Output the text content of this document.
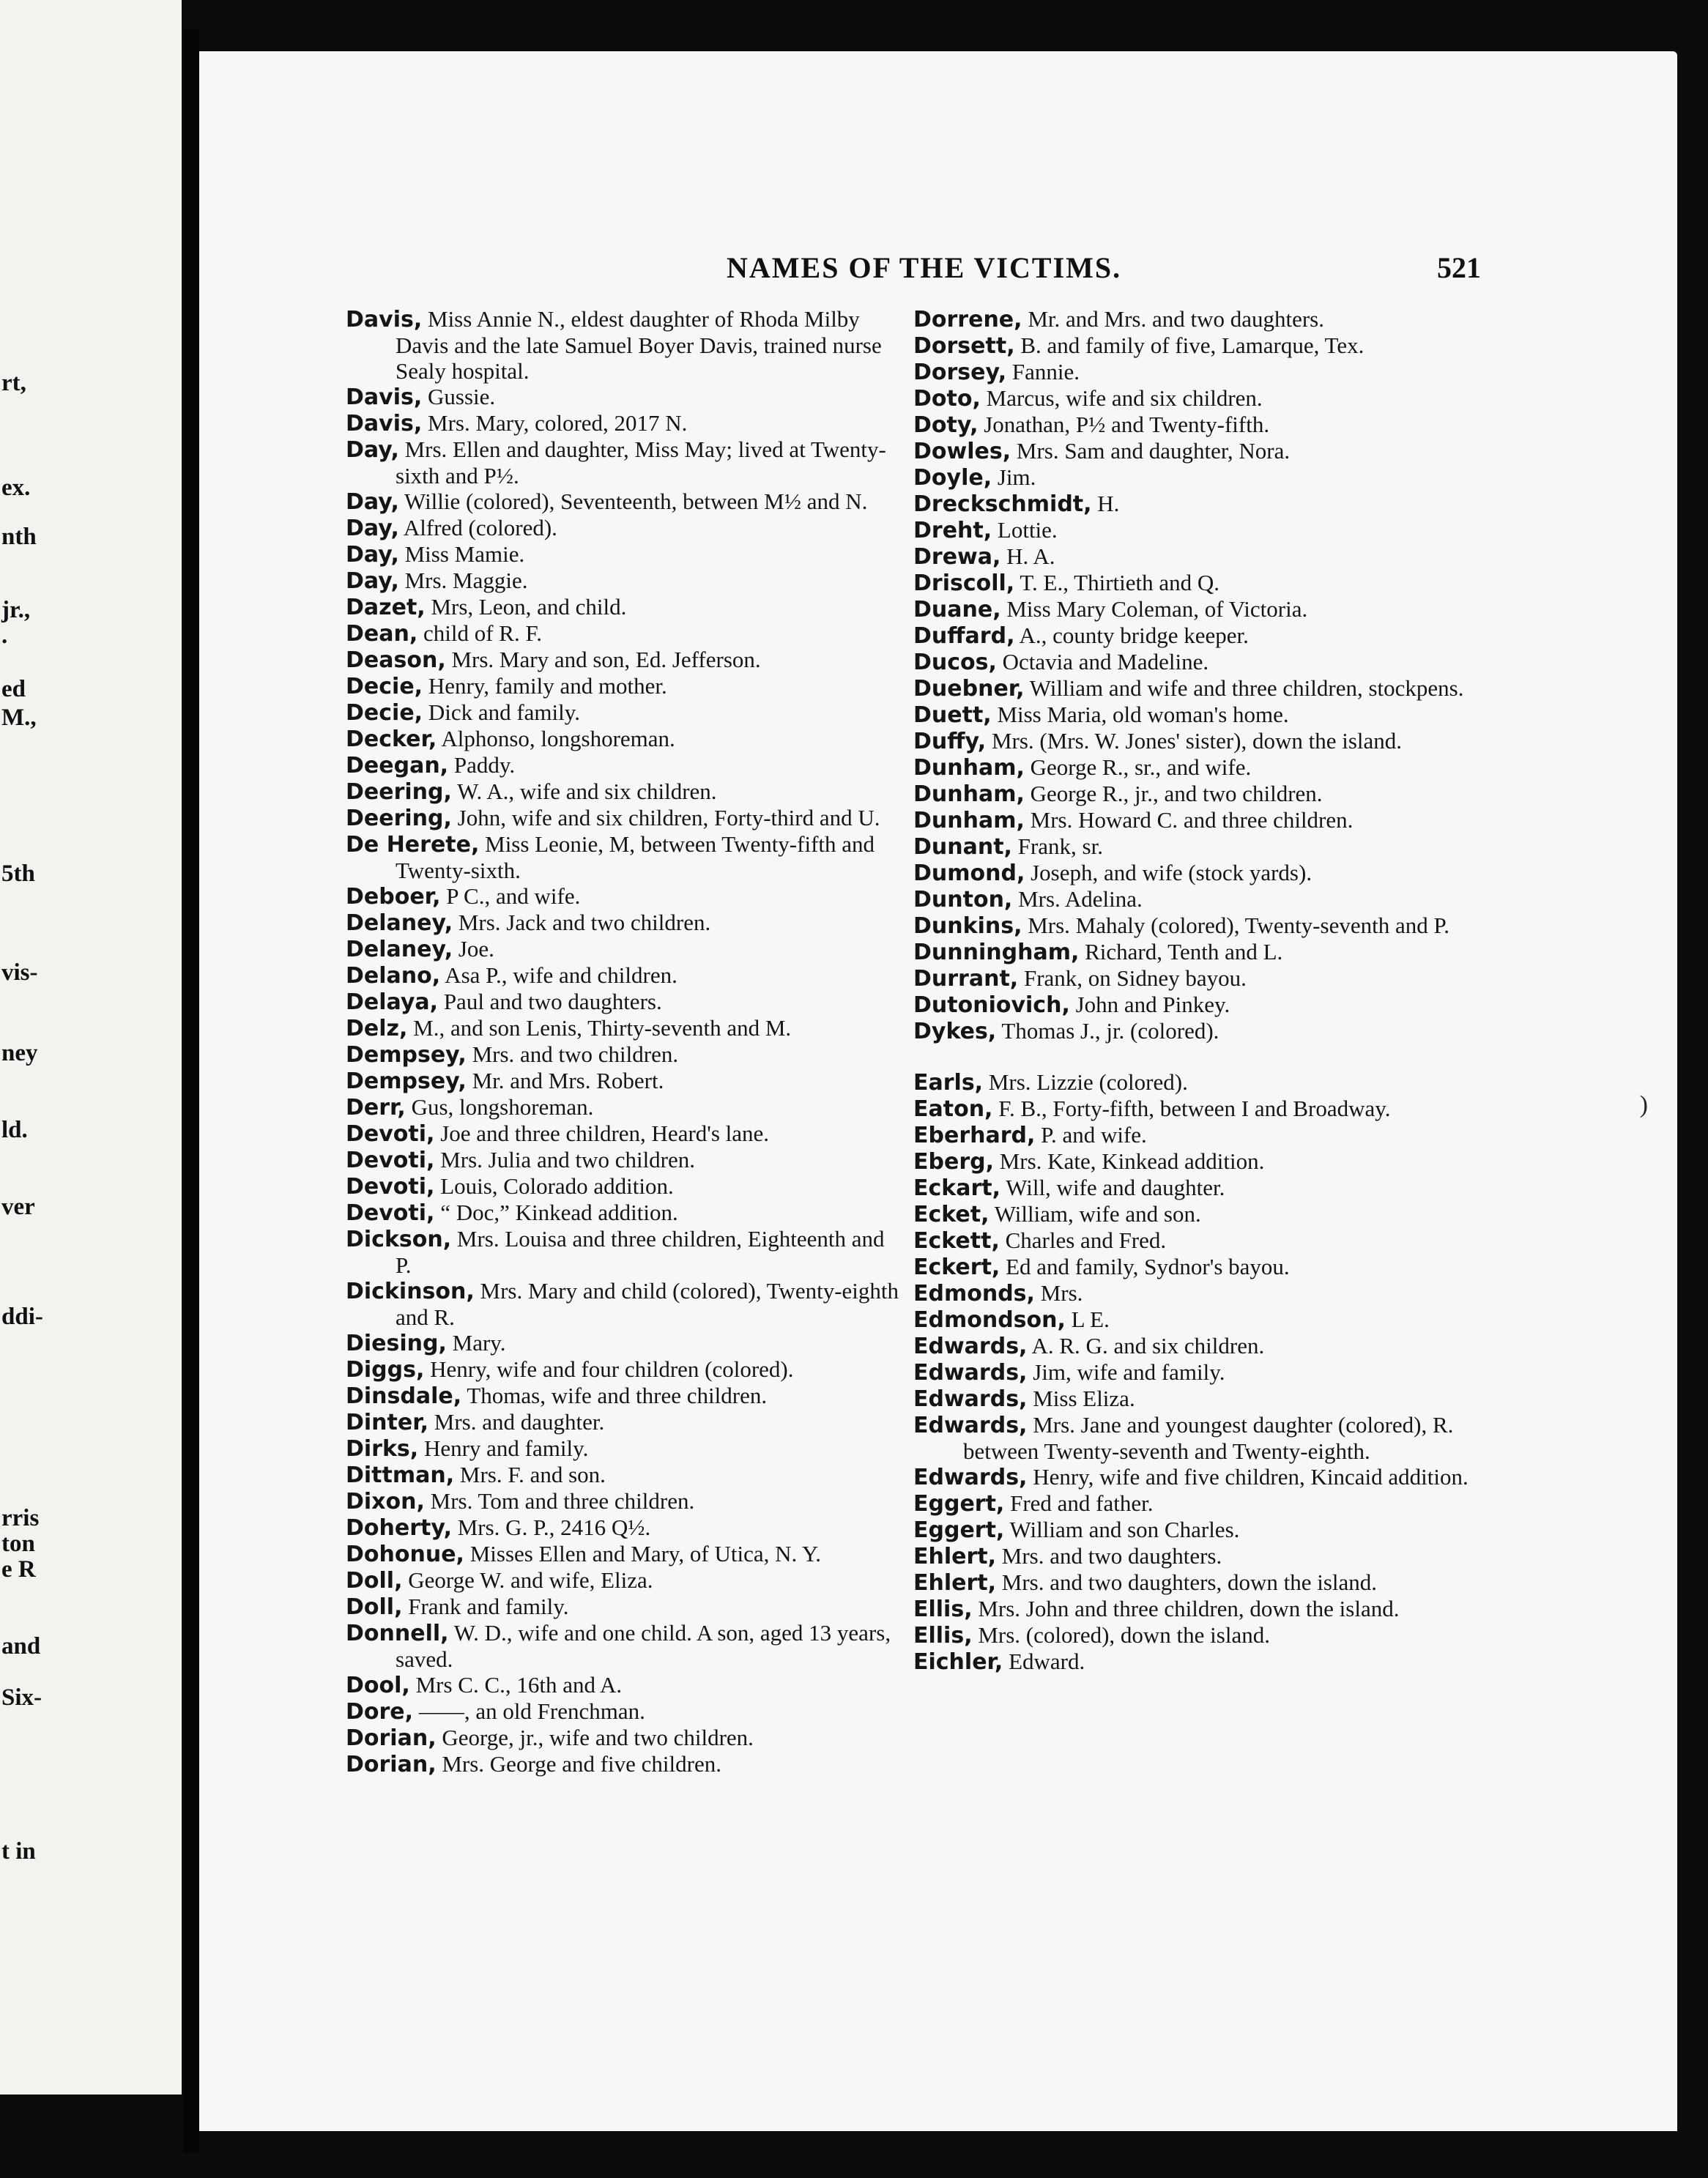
rt,
ex.
nth
jr.,
.
ed
M.,
5th
vis-
ney
ld.
ver
ddi-
rris
ton
e R
and
Six-
t in
NAMES OF THE VICTIMS.	521

Davis, Miss Annie N., eldest daughter of Rhoda Milby Davis and the late Samuel Boyer Davis, trained nurse Sealy hospital.

Davis, Gussie.

Davis, Mrs. Mary, colored, 2017 N.

Day, Mrs. Ellen and daughter, Miss May; lived at Twenty-sixth and P½.

Day, Willie (colored), Seventeenth, between M½ and N.

Day, Alfred (colored).

Day, Miss Mamie.

Day, Mrs. Maggie.

Dazet, Mrs, Leon, and child.

Dean, child of R. F.

Deason, Mrs. Mary and son, Ed. Jefferson.

Decie, Henry, family and mother.

Decie, Dick and family.

Decker, Alphonso, longshoreman.

Deegan, Paddy.

Deering, W. A., wife and six children.

Deering, John, wife and six children, Forty-third and U.

De Herete, Miss Leonie, M, between Twenty-fifth and Twenty-sixth.

Deboer, P C., and wife.

Delaney, Mrs. Jack and two children.

Delaney, Joe.

Delano, Asa P., wife and children.

Delaya, Paul and two daughters.

Delz, M., and son Lenis, Thirty-seventh and M.

Dempsey, Mrs. and two children.

Dempsey, Mr. and Mrs. Robert.

Derr, Gus, longshoreman.

Devoti, Joe and three children, Heard's lane.

Devoti, Mrs. Julia and two children.

Devoti, Louis, Colorado addition.

Devoti, “ Doc,” Kinkead addition.

Dickson, Mrs. Louisa and three children, Eighteenth and P.

Dickinson, Mrs. Mary and child (colored), Twenty-eighth and R.

Diesing, Mary.

Diggs, Henry, wife and four children (colored).

Dinsdale, Thomas, wife and three children.

Dinter, Mrs. and daughter.

Dirks, Henry and family.

Dittman, Mrs. F. and son.

Dixon, Mrs. Tom and three children.

Doherty, Mrs. G. P., 2416 Q½.

Dohonue, Misses Ellen and Mary, of Utica, N. Y.

Doll, George W. and wife, Eliza.

Doll, Frank and family.

Donnell, W. D., wife and one child. A son, aged 13 years, saved.

Dool, Mrs C. C., 16th and A.

Dore, ——, an old Frenchman.

Dorian, George, jr., wife and two children.

Dorian, Mrs. George and five children.

Dorrene, Mr. and Mrs. and two daughters.

Dorsett, B. and family of five, Lamarque, Tex.

Dorsey, Fannie.

Doto, Marcus, wife and six children.

Doty, Jonathan, P½ and Twenty-fifth.

Dowles, Mrs. Sam and daughter, Nora.

Doyle, Jim.

Dreckschmidt, H.

Dreht, Lottie.

Drewa, H. A.

Driscoll, T. E., Thirtieth and Q.

Duane, Miss Mary Coleman, of Victoria.

Duffard, A., county bridge keeper.

Ducos, Octavia and Madeline.

Duebner, William and wife and three children, stockpens.

Duett, Miss Maria, old woman's home.

Duffy, Mrs. (Mrs. W. Jones' sister), down the island.

Dunham, George R., sr., and wife.

Dunham, George R., jr., and two children.

Dunham, Mrs. Howard C. and three children.

Dunant, Frank, sr.

Dumond, Joseph, and wife (stock yards).

Dunton, Mrs. Adelina.

Dunkins, Mrs. Mahaly (colored), Twenty-seventh and P.

Dunningham, Richard, Tenth and L.

Durrant, Frank, on Sidney bayou.

Dutoniovich, John and Pinkey.

Dykes, Thomas J., jr. (colored).

Earls, Mrs. Lizzie (colored).

Eaton, F. B., Forty-fifth, between I and Broadway.

Eberhard, P. and wife.

Eberg, Mrs. Kate, Kinkead addition.

Eckart, Will, wife and daughter.

Ecket, William, wife and son.

Eckett, Charles and Fred.

Eckert, Ed and family, Sydnor's bayou.

Edmonds, Mrs.

Edmondson, L E.

Edwards, A. R. G. and six children.

Edwards, Jim, wife and family.

Edwards, Miss Eliza.

Edwards, Mrs. Jane and youngest daughter (colored), R. between Twenty-seventh and Twenty-eighth.

Edwards, Henry, wife and five children, Kincaid addition.

Eggert, Fred and father.

Eggert, William and son Charles.

Ehlert, Mrs. and two daughters.

Ehlert, Mrs. and two daughters, down the island.

Ellis, Mrs. John and three children, down the island.

Ellis, Mrs. (colored), down the island.

Eichler, Edward.

)
